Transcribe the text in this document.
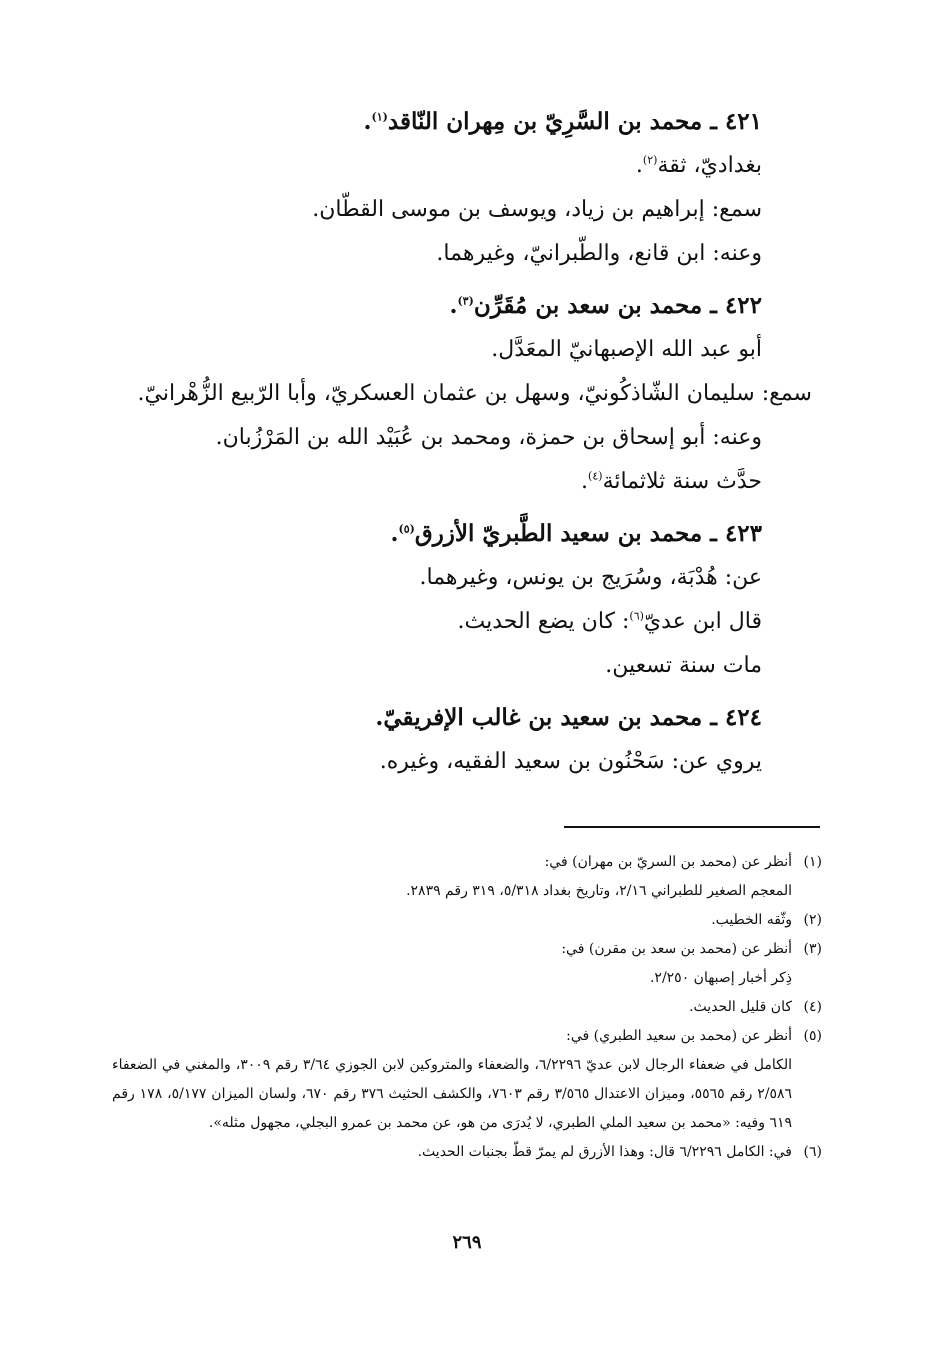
٤٢١ ـ محمد بن السَّرِيّ بن مِهران النّاقد$^{(١)}$.
بغداديّ، ثقة$^{(٢)}$.
سمع: إبراهيم بن زياد، ويوسف بن موسى القطّان.
وعنه: ابن قانع، والطّبرانيّ، وغيرهما.
٤٢٢ ـ محمد بن سعد بن مُقَرِّن$^{(٣)}$.
أبو عبد الله الإصبهانيّ المعَدَّل.
سمع: سليمان الشّاذكُونيّ، وسهل بن عثمان العسكريّ، وأبا الرّبيع الزُّهْرانيّ.
وعنه: أبو إسحاق بن حمزة، ومحمد بن عُبَيْد الله بن المَرْزُبان.
حدَّث سنة ثلاثمائة$^{(٤)}$.
٤٢٣ ـ محمد بن سعيد الطَّبريّ الأزرق$^{(٥)}$.
عن: هُدْبَة، وسُرَيج بن يونس، وغيرهما.
قال ابن عديّ$^{(٦)}$: كان يضع الحديث.
مات سنة تسعين.
٤٢٤ ـ محمد بن سعيد بن غالب الإفريقيّ.
يروي عن: سَحْنُون بن سعيد الفقيه، وغيره.
(١)
أنظر عن (محمد بن السريّ بن مهران) في:
المعجم الصغير للطبراني ٢/١٦، وتاريخ بغداد ٥/٣١٨، ٣١٩ رقم ٢٨٣٩.
(٢)
وثّقه الخطيب.
(٣)
أنظر عن (محمد بن سعد بن مقرن) في:
ذِكر أخبار إصبهان ٢/٢٥٠.
(٤)
كان قليل الحديث.
(٥)
أنظر عن (محمد بن سعيد الطبري) في:
الكامل في ضعفاء الرجال لابن عديّ ٦/٢٢٩٦، والضعفاء والمتروكين لابن الجوزي ٣/٦٤ رقم ٣٠٠٩، والمغني في الضعفاء ٢/٥٨٦ رقم ٥٥٦٥، وميزان الاعتدال ٣/٥٦٥ رقم ٧٦٠٣، والكشف الحثيث ٣٧٦ رقم ٦٧٠، ولسان الميزان ٥/١٧٧، ١٧٨ رقم ٦١٩ وفيه: «محمد بن سعيد الملي الطبري، لا يُدرَى من هو، عن محمد بن عمرو البجلي، مجهول مثله».
(٦)
في: الكامل ٦/٢٢٩٦ قال: وهذا الأزرق لم يمرّ قطّ بجنبات الحديث.
٢٦٩
